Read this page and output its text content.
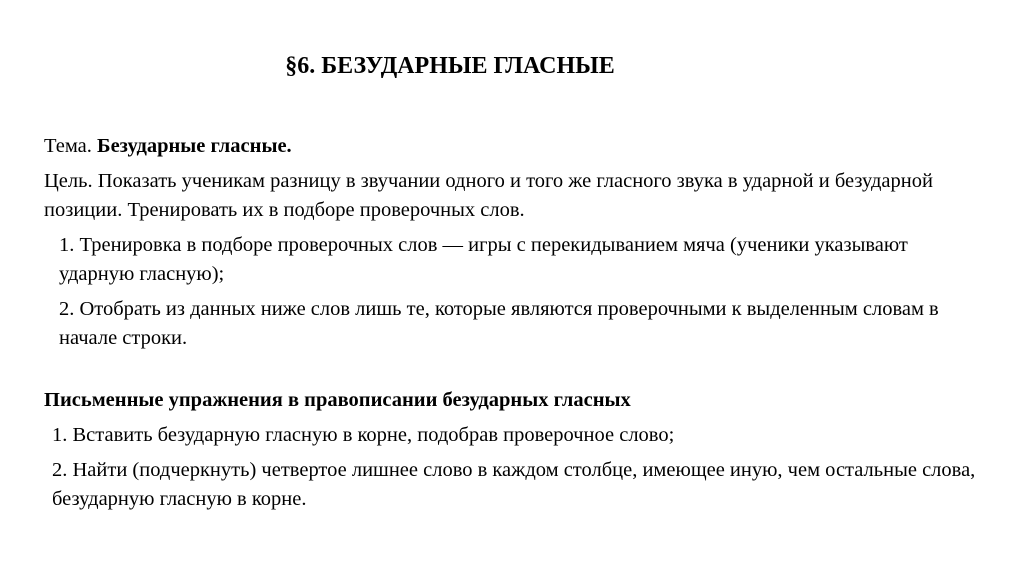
§6. БЕЗУДАРНЫЕ ГЛАСНЫЕ

Тема. Безударные гласные.

Цель. Показать ученикам разницу в звучании одного и того же гласного звука в ударной и безударной позиции. Тренировать их в подборе проверочных слов.

1. Тренировка в подборе проверочных слов — игры с перекидыванием мяча (ученики указывают ударную гласную);

2. Отобрать из данных ниже слов лишь те, которые являются проверочными к выделенным словам в начале строки.

Письменные упражнения в правописании безударных гласных

1. Вставить безударную гласную в корне, подобрав проверочное слово;

2. Найти (подчеркнуть) четвертое лишнее слово в каждом столбце, имеющее иную, чем остальные слова, безударную гласную в корне.
